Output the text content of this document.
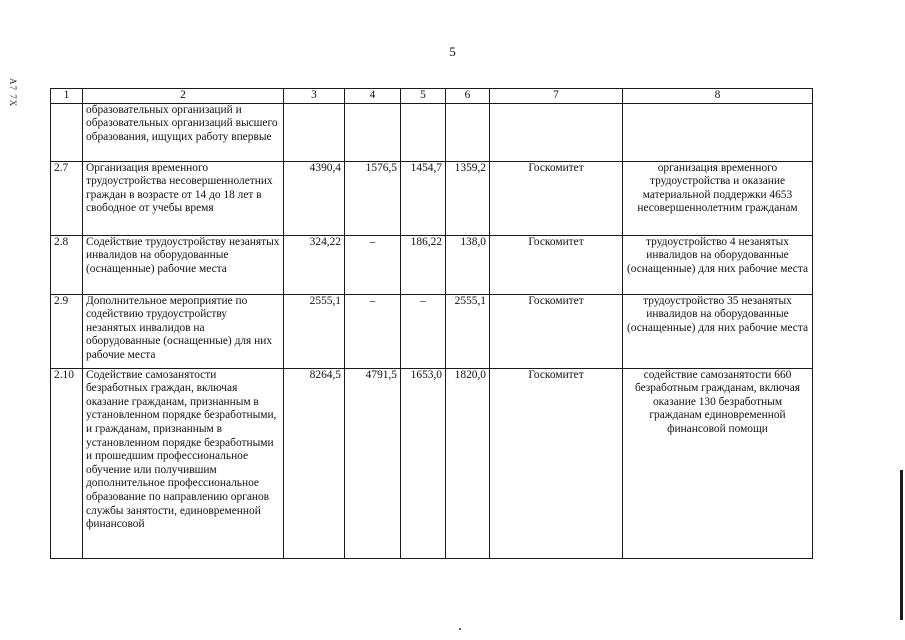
5
A7 7X	1	2	3	4	5	6	7	8
	образовательных организаций и образовательных организаций высшего образования, ищущих работу впервые						
2.7	Организация временного трудоустройства несовершеннолетних граждан в возрасте от 14 до 18 лет в свободное от учебы время	4390,4	1576,5	1454,7	1359,2	Госкомитет	организация временного трудоустройства и оказание материальной поддержки 4653 несовершеннолетним гражданам
2.8	Содействие трудоустройству незанятых инвалидов на оборудованные (оснащенные) рабочие места	324,22	–	186,22	138,0	Госкомитет	трудоустройство 4 незанятых инвалидов на оборудованные (оснащенные) для них рабочие места
2.9	Дополнительное мероприятие по содействию трудоустройству незанятых инвалидов на оборудованные (оснащенные) для них рабочие места	2555,1	–	–	2555,1	Госкомитет	трудоустройство 35 незанятых инвалидов на оборудованные (оснащенные) для них рабочие места
2.10	Содействие самозанятости безработных граждан, включая оказание гражданам, признанным в установленном порядке безработными, и гражданам, признанным в установленном порядке безработными и прошедшим профессиональное обучение или получившим дополнительное профессиональное образование по направлению органов службы занятости, единовременной финансовой	8264,5	4791,5	1653,0	1820,0	Госкомитет	содействие самозанятости 660 безработным гражданам, включая оказание 130 безработным гражданам единовременной финансовой помощи
